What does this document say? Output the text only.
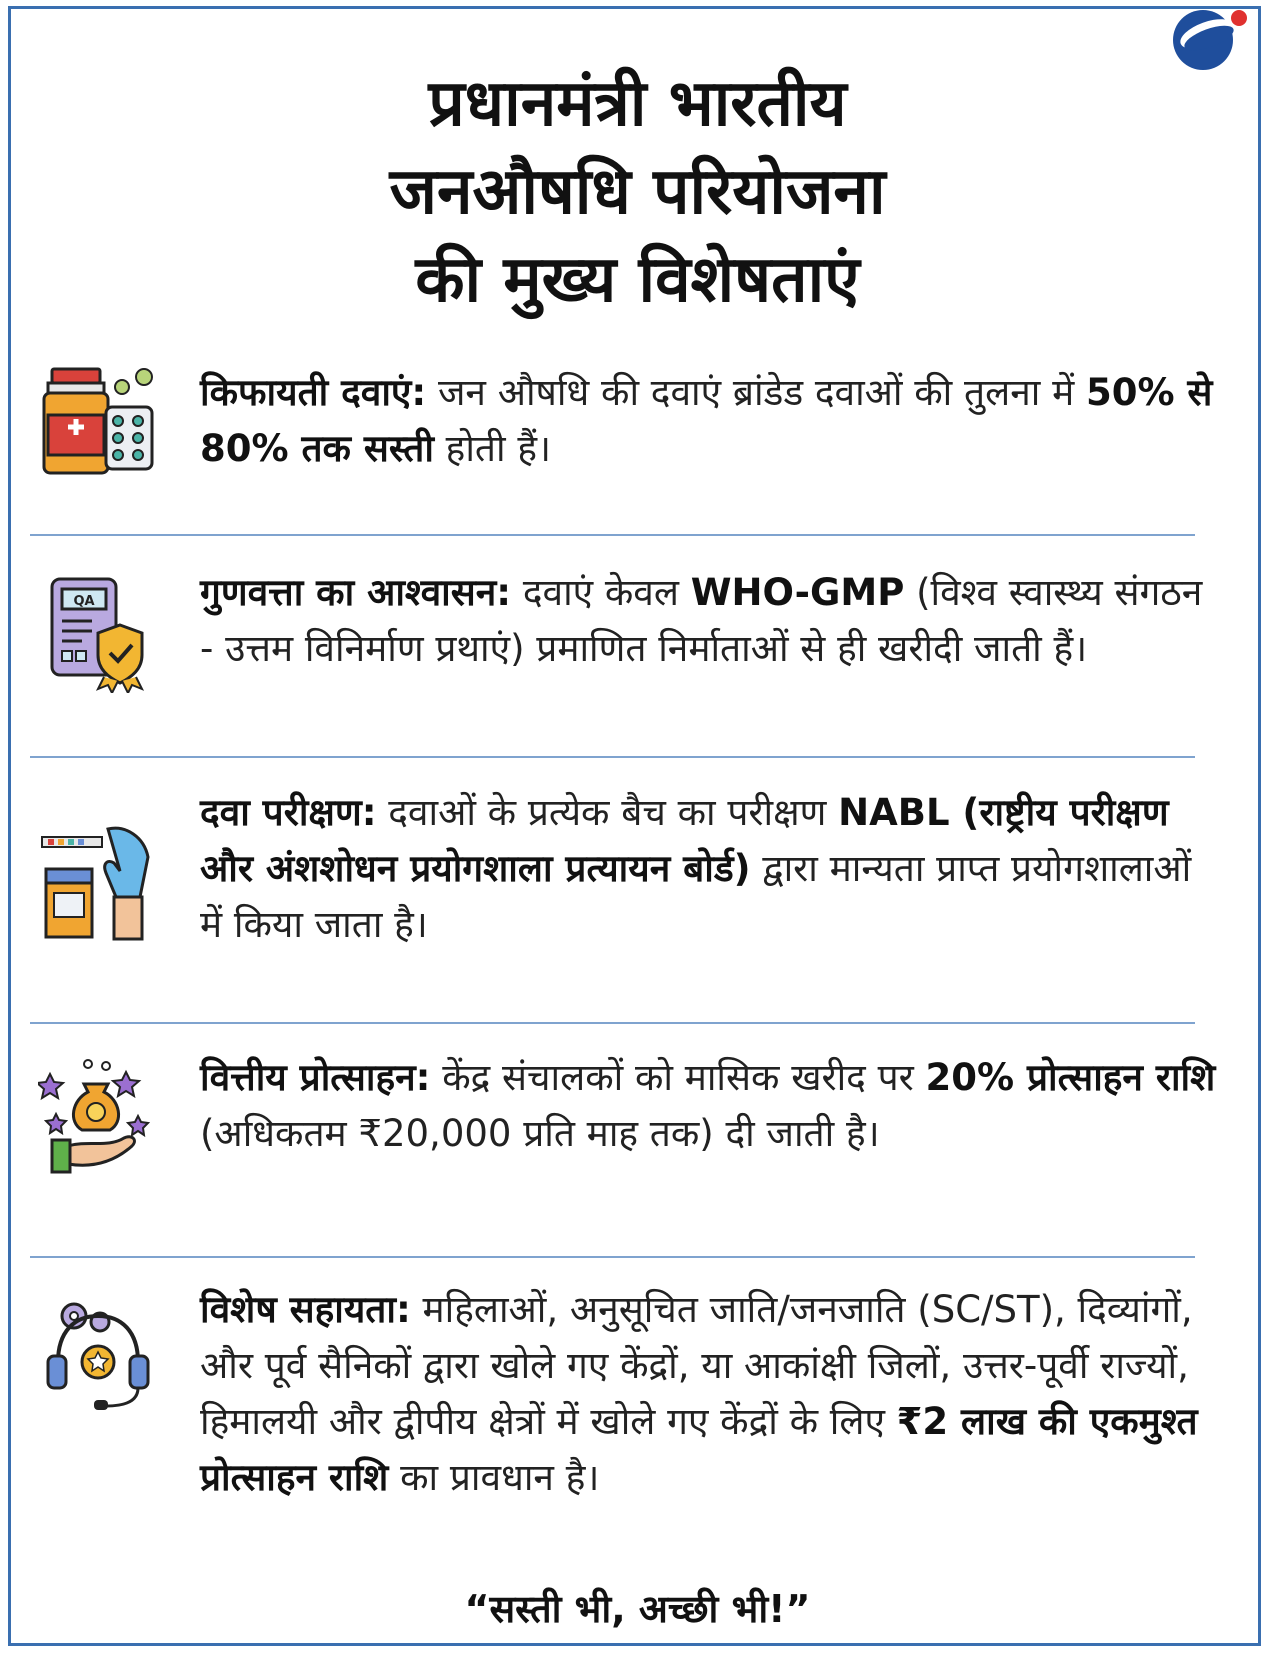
प्रधानमंत्री भारतीय
जनऔषधि परियोजना
की मुख्य विशेषताएं
किफायती दवाएं: जन औषधि की दवाएं ब्रांडेड दवाओं की तुलना में 50% से 80% तक सस्ती होती हैं।
QA	गुणवत्ता का आश्वासन: दवाएं केवल WHO-GMP (विश्व स्वास्थ्य संगठन - उत्तम विनिर्माण प्रथाएं) प्रमाणित निर्माताओं से ही खरीदी जाती हैं।
दवा परीक्षण: दवाओं के प्रत्येक बैच का परीक्षण NABL (राष्ट्रीय परीक्षण और अंशशोधन प्रयोगशाला प्रत्यायन बोर्ड) द्वारा मान्यता प्राप्त प्रयोगशालाओं में किया जाता है।
वित्तीय प्रोत्साहन: केंद्र संचालकों को मासिक खरीद पर 20% प्रोत्साहन राशि (अधिकतम ₹20,000 प्रति माह तक) दी जाती है।
विशेष सहायता: महिलाओं, अनुसूचित जाति/जनजाति (SC/ST), दिव्यांगों, और पूर्व सैनिकों द्वारा खोले गए केंद्रों, या आकांक्षी जिलों, उत्तर-पूर्वी राज्यों, हिमालयी और द्वीपीय क्षेत्रों में खोले गए केंद्रों के लिए ₹2 लाख की एकमुश्त प्रोत्साहन राशि का प्रावधान है।
“सस्ती भी, अच्छी भी!”
